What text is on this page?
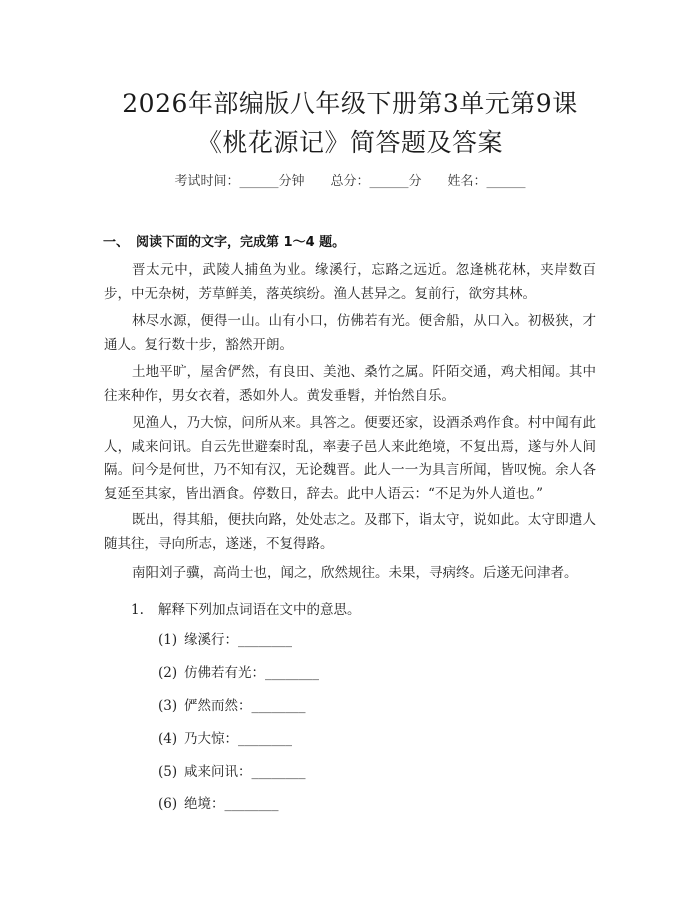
2026年部编版八年级下册第3单元第9课
《桃花源记》简答题及答案
考试时间：______分钟 总分：______分 姓名：______
一、 阅读下面的文字，完成第 1～4 题。

晋太元中，武陵人捕鱼为业。缘溪行，忘路之远近。忽逢桃花林，夹岸数百步，中无杂树，芳草鲜美，落英缤纷。渔人甚异之。复前行，欲穷其林。

林尽水源，便得一山。山有小口，仿佛若有光。便舍船，从口入。初极狭，才通人。复行数十步，豁然开朗。

土地平旷，屋舍俨然，有良田、美池、桑竹之属。阡陌交通，鸡犬相闻。其中往来种作，男女衣着，悉如外人。黄发垂髫，并怡然自乐。

见渔人，乃大惊，问所从来。具答之。便要还家，设酒杀鸡作食。村中闻有此人，咸来问讯。自云先世避秦时乱，率妻子邑人来此绝境，不复出焉，遂与外人间隔。问今是何世，乃不知有汉，无论魏晋。此人一一为具言所闻，皆叹惋。余人各复延至其家，皆出酒食。停数日，辞去。此中人语云：“不足为外人道也。”

既出，得其船，便扶向路，处处志之。及郡下，诣太守，说如此。太守即遣人随其往，寻向所志，遂迷，不复得路。

南阳刘子骥，高尚士也，闻之，欣然规往。未果，寻病终。后遂无问津者。

1. 解释下列加点词语在文中的意思。
(1) 缘溪行：________
(2) 仿佛若有光：________
(3) 俨然而然：________
(4) 乃大惊：________
(5) 咸来问讯：________
(6) 绝境：________
